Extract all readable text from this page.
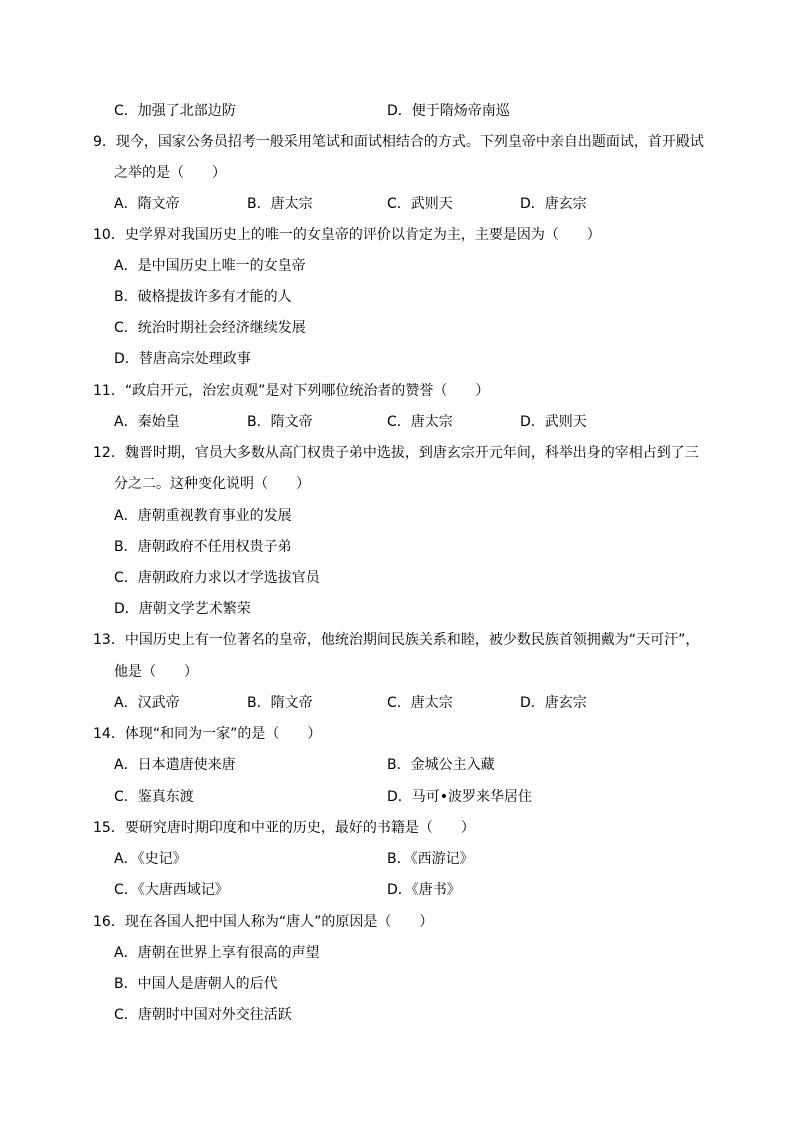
C．加强了北部边防	D．便于隋炀帝南巡
9．现今，国家公务员招考一般采用笔试和面试相结合的方式。下列皇帝中亲自出题面试，首开殿试
之举的是（　　）
A．隋文帝	B．唐太宗	C．武则天	D．唐玄宗
10．史学界对我国历史上的唯一的女皇帝的评价以肯定为主，主要是因为（　　）
A．是中国历史上唯一的女皇帝
B．破格提拔许多有才能的人
C．统治时期社会经济继续发展
D．替唐高宗处理政事
11．“政启开元，治宏贞观”是对下列哪位统治者的赞誉（　　）
A．秦始皇	B．隋文帝	C．唐太宗	D．武则天
12．魏晋时期，官员大多数从高门权贵子弟中选拔，到唐玄宗开元年间，科举出身的宰相占到了三
分之二。这种变化说明（　　）
A．唐朝重视教育事业的发展
B．唐朝政府不任用权贵子弟
C．唐朝政府力求以才学选拔官员
D．唐朝文学艺术繁荣
13．中国历史上有一位著名的皇帝，他统治期间民族关系和睦，被少数民族首领拥戴为“天可汗”，
他是（　　）
A．汉武帝	B．隋文帝	C．唐太宗	D．唐玄宗
14．体现“和同为一家”的是（　　）
A．日本遣唐使来唐	B．金城公主入藏
C．鉴真东渡	D．马可•波罗来华居住
15．要研究唐时期印度和中亚的历史，最好的书籍是（　　）
A．《史记》	B．《西游记》
C．《大唐西域记》	D．《唐书》
16．现在各国人把中国人称为“唐人”的原因是（　　）
A．唐朝在世界上享有很高的声望
B．中国人是唐朝人的后代
C．唐朝时中国对外交往活跃
